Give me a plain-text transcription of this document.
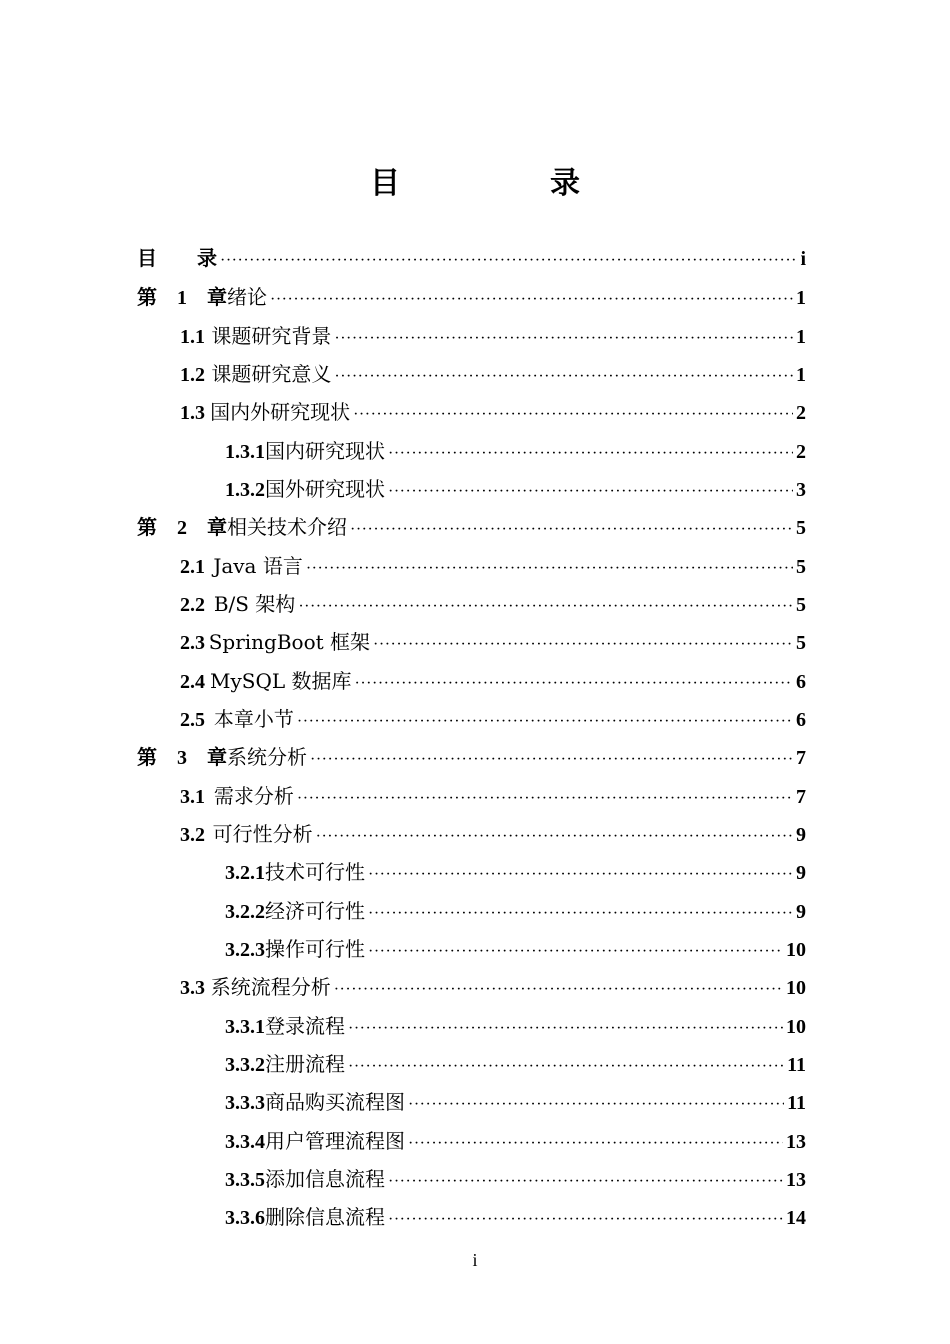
目　录
目　　录 ·····	i
第　1　章 绪论 ·····	1
1.1 课题研究背景 ·····	1
1.2 课题研究意义 ·····	1
1.3 国内外研究现状 ·····	2
1.3.1 国内研究现状 ·····	2
1.3.2 国外研究现状 ·····	3
第　2　章 相关技术介绍 ·····	5
2.1 Java 语言 ·····	5
2.2 B/S 架构 ·····	5
2.3 SpringBoot 框架 ·····	5
2.4 MySQL 数据库 ·····	6
2.5 本章小节 ·····	6
第　3　章 系统分析 ·····	7
3.1 需求分析 ·····	7
3.2 可行性分析 ·····	9
3.2.1 技术可行性 ·····	9
3.2.2 经济可行性 ·····	9
3.2.3 操作可行性 ·····	10
3.3 系统流程分析 ·····	10
3.3.1 登录流程 ·····	10
3.3.2 注册流程 ·····	11
3.3.3 商品购买流程图 ·····	11
3.3.4 用户管理流程图 ·····	13
3.3.5 添加信息流程 ·····	13
3.3.6 删除信息流程 ·····	14
i
